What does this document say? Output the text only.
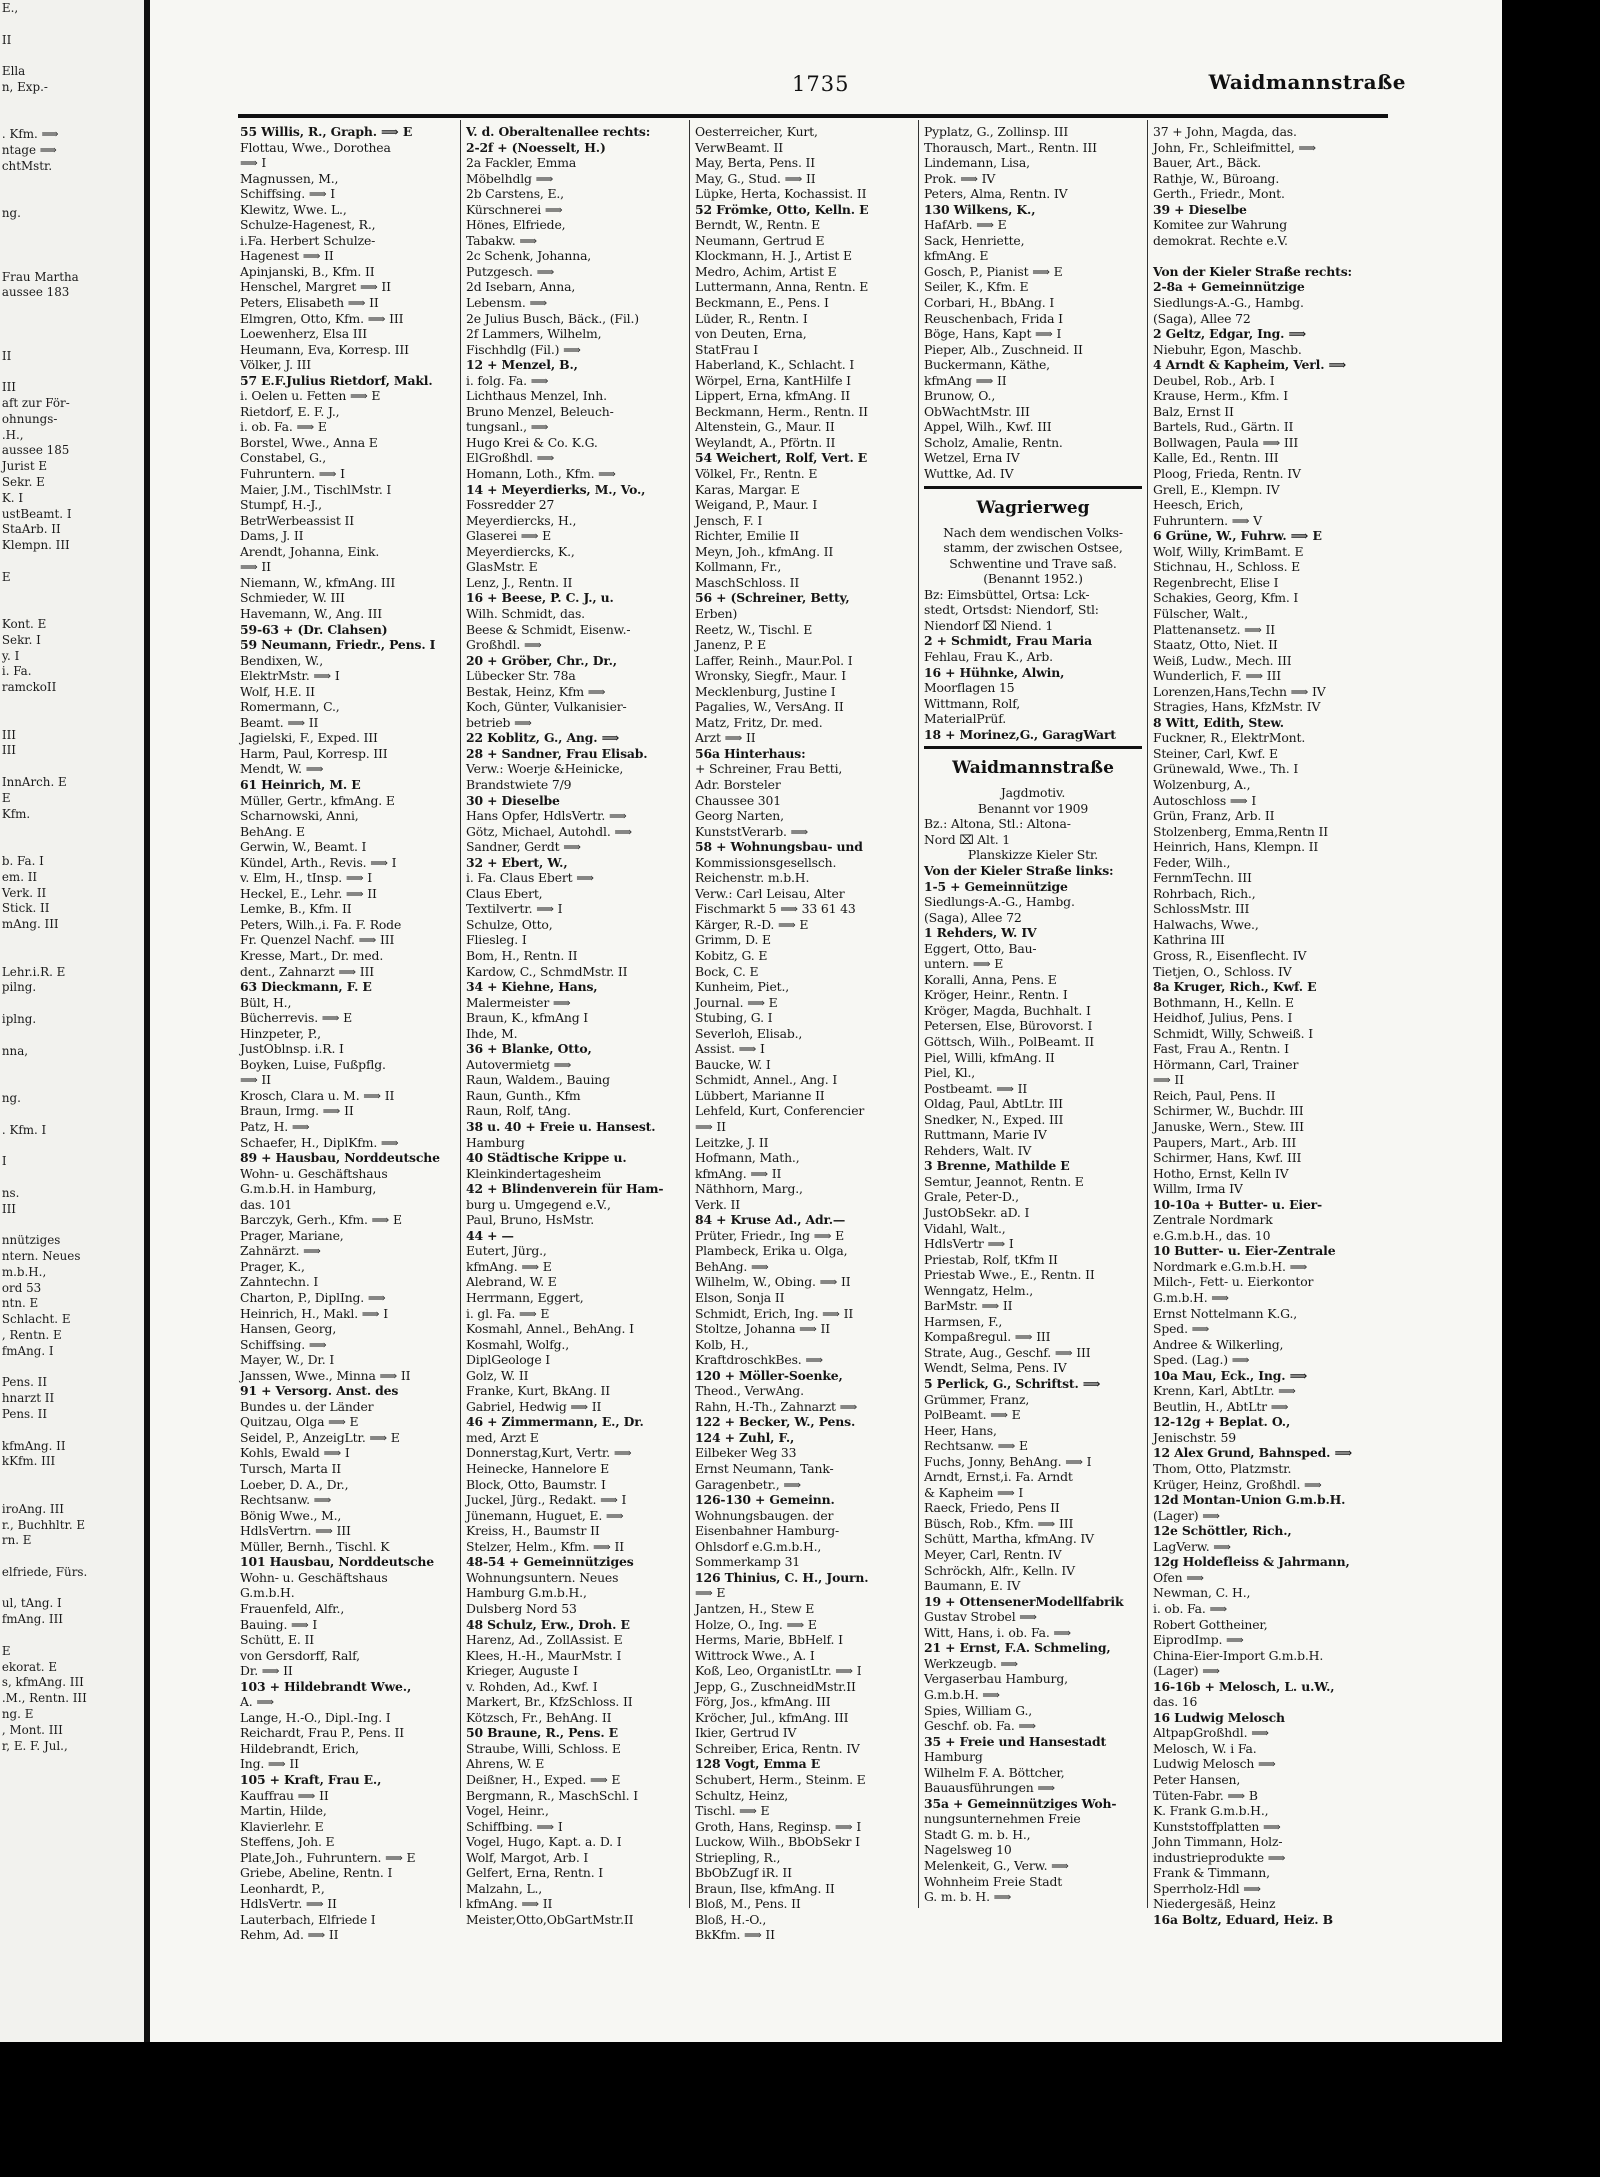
E.,

II

Ella
n, Exp.-

. Kfm. ⟹
ntage ⟹
chtMstr.

ng.

Frau Martha
aussee 183

II

III
aft zur För-
ohnungs-
.H.,
aussee 185
Jurist E
Sekr. E
K. I
ustBeamt. I
StaArb. II
Klempn. III

E

Kont. E
Sekr. I
y. I
i. Fa.
ramckoII

III
III

InnArch. E
E
Kfm.

b. Fa. I
em. II
Verk. II
Stick. II
mAng. III

Lehr.i.R. E
pilng.

iplng.

nna,

ng.

. Kfm. I

I

ns.
III

nnütziges
ntern. Neues
m.b.H.,
ord 53
ntn. E
Schlacht. E
, Rentn. E
fmAng. I

Pens. II
hnarzt II
Pens. II

kfmAng. II
kKfm. III

iroAng. III
r., Buchhltr. E
rn. E

elfriede, Fürs.

ul, tAng. I
fmAng. III

E
ekorat. E
s, kfmAng. III
.M., Rentn. III
ng. E
, Mont. III
r, E. F. Jul.,
1735	Waidmannstraße
55 Willis, R., Graph. ⟹ E
Flottau, Wwe., Dorothea
⟹ I
Magnussen, M.,
Schiffsing. ⟹ I
Klewitz, Wwe. L.,
Schulze-Hagenest, R.,
i.Fa. Herbert Schulze-
Hagenest ⟹ II
Apinjanski, B., Kfm. II
Henschel, Margret ⟹ II
Peters, Elisabeth ⟹ II
Elmgren, Otto, Kfm. ⟹ III
Loewenherz, Elsa III
Heumann, Eva, Korresp. III
Völker, J. III
57 E.F.Julius Rietdorf, Makl.
i. Oelen u. Fetten ⟹ E
Rietdorf, E. F. J.,
i. ob. Fa. ⟹ E
Borstel, Wwe., Anna E
Constabel, G.,
Fuhruntern. ⟹ I
Maier, J.M., TischlMstr. I
Stumpf, H.-J.,
BetrWerbeassist II
Dams, J. II
Arendt, Johanna, Eink.
⟹ II
Niemann, W., kfmAng. III
Schmieder, W. III
Havemann, W., Ang. III
59-63 + (Dr. Clahsen)
59 Neumann, Friedr., Pens. I
Bendixen, W.,
ElektrMstr. ⟹ I
Wolf, H.E. II
Romermann, C.,
Beamt. ⟹ II
Jagielski, F., Exped. III
Harm, Paul, Korresp. III
Mendt, W. ⟹
61 Heinrich, M. E
Müller, Gertr., kfmAng. E
Scharnowski, Anni,
BehAng. E
Gerwin, W., Beamt. I
Kündel, Arth., Revis. ⟹ I
v. Elm, H., tInsp. ⟹ I
Heckel, E., Lehr. ⟹ II
Lemke, B., Kfm. II
Peters, Wilh.,i. Fa. F. Rode
Fr. Quenzel Nachf. ⟹ III
Kresse, Mart., Dr. med.
dent., Zahnarzt ⟹ III
63 Dieckmann, F. E
Bült, H.,
Bücherrevis. ⟹ E
Hinzpeter, P.,
JustOblnsp. i.R. I
Boyken, Luise, Fußpflg.
⟹ II
Krosch, Clara u. M. ⟹ II
Braun, Irmg. ⟹ II
Patz, H. ⟹
Schaefer, H., DiplKfm. ⟹
89 + Hausbau, Norddeutsche
Wohn- u. Geschäftshaus
G.m.b.H. in Hamburg,
das. 101
Barczyk, Gerh., Kfm. ⟹ E
Prager, Mariane,
Zahnärzt. ⟹
Prager, K.,
Zahntechn. I
Charton, P., DiplIng. ⟹
Heinrich, H., Makl. ⟹ I
Hansen, Georg,
Schiffsing. ⟹
Mayer, W., Dr. I
Janssen, Wwe., Minna ⟹ II
91 + Versorg. Anst. des
Bundes u. der Länder
Quitzau, Olga ⟹ E
Seidel, P., AnzeigLtr. ⟹ E
Kohls, Ewald ⟹ I
Tursch, Marta II
Loeber, D. A., Dr.,
Rechtsanw. ⟹
Bönig Wwe., M.,
HdlsVertrn. ⟹ III
Müller, Bernh., Tischl. K
101 Hausbau, Norddeutsche
Wohn- u. Geschäftshaus
G.m.b.H.
Frauenfeld, Alfr.,
Bauing. ⟹ I
Schütt, E. II
von Gersdorff, Ralf,
Dr. ⟹ II
103 + Hildebrandt Wwe.,
A. ⟹
Lange, H.-O., Dipl.-Ing. I
Reichardt, Frau P., Pens. II
Hildebrandt, Erich,
Ing. ⟹ II
105 + Kraft, Frau E.,
Kauffrau ⟹ II
Martin, Hilde,
Klavierlehr. E
Steffens, Joh. E
Plate,Joh., Fuhruntern. ⟹ E
Griebe, Abeline, Rentn. I
Leonhardt, P.,
HdlsVertr. ⟹ II
Lauterbach, Elfriede I
Rehm, Ad. ⟹ II
V. d. Oberaltenallee rechts:
2-2f + (Noesselt, H.)
2a Fackler, Emma
Möbelhdlg ⟹
2b Carstens, E.,
Kürschnerei ⟹
Hönes, Elfriede,
Tabakw. ⟹
2c Schenk, Johanna,
Putzgesch. ⟹
2d Isebarn, Anna,
Lebensm. ⟹
2e Julius Busch, Bäck., (Fil.)
2f Lammers, Wilhelm,
Fischhdlg (Fil.) ⟹
12 + Menzel, B.,
i. folg. Fa. ⟹
Lichthaus Menzel, Inh.
Bruno Menzel, Beleuch-
tungsanl., ⟹
Hugo Krei & Co. K.G.
ElGroßhdl. ⟹
Homann, Loth., Kfm. ⟹
14 + Meyerdierks, M., Vo.,
Fossredder 27
Meyerdiercks, H.,
Glaserei ⟹ E
Meyerdiercks, K.,
GlasMstr. E
Lenz, J., Rentn. II
16 + Beese, P. C. J., u.
Wilh. Schmidt, das.
Beese & Schmidt, Eisenw.-
Großhdl. ⟹
20 + Gröber, Chr., Dr.,
Lübecker Str. 78a
Bestak, Heinz, Kfm ⟹
Koch, Günter, Vulkanisier-
betrieb ⟹
22 Koblitz, G., Ang. ⟹
28 + Sandner, Frau Elisab.
Verw.: Woerje &Heinicke,
Brandstwiete 7/9
30 + Dieselbe
Hans Opfer, HdlsVertr. ⟹
Götz, Michael, Autohdl. ⟹
Sandner, Gerdt ⟹
32 + Ebert, W.,
i. Fa. Claus Ebert ⟹
Claus Ebert,
Textilvertr. ⟹ I
Schulze, Otto,
Fliesleg. I
Bom, H., Rentn. II
Kardow, C., SchmdMstr. II
34 + Kiehne, Hans,
Malermeister ⟹
Braun, K., kfmAng I
Ihde, M.
36 + Blanke, Otto,
Autovermietg ⟹
Raun, Waldem., Bauing
Raun, Gunth., Kfm
Raun, Rolf, tAng.
38 u. 40 + Freie u. Hansest.
Hamburg
40 Städtische Krippe u.
Kleinkindertagesheim
42 + Blindenverein für Ham-
burg u. Umgegend e.V.,
Paul, Bruno, HsMstr.
44 + —
Eutert, Jürg.,
kfmAng. ⟹ E
Alebrand, W. E
Herrmann, Eggert,
i. gl. Fa. ⟹ E
Kosmahl, Annel., BehAng. I
Kosmahl, Wolfg.,
DiplGeologe I
Golz, W. II
Franke, Kurt, BkAng. II
Gabriel, Hedwig ⟹ II
46 + Zimmermann, E., Dr.
med, Arzt E
Donnerstag,Kurt, Vertr. ⟹
Heinecke, Hannelore E
Block, Otto, Baumstr. I
Juckel, Jürg., Redakt. ⟹ I
Jünemann, Huguet, E. ⟹
Kreiss, H., Baumstr II
Stelzer, Helm., Kfm. ⟹ II
48-54 + Gemeinnütziges
Wohnungsuntern. Neues
Hamburg G.m.b.H.,
Dulsberg Nord 53
48 Schulz, Erw., Droh. E
Harenz, Ad., ZollAssist. E
Klees, H.-H., MaurMstr. I
Krieger, Auguste I
v. Rohden, Ad., Kwf. I
Markert, Br., KfzSchloss. II
Kötzsch, Fr., BehAng. II
50 Braune, R., Pens. E
Straube, Willi, Schloss. E
Ahrens, W. E
Deißner, H., Exped. ⟹ E
Bergmann, R., MaschSchl. I
Vogel, Heinr.,
Schiffbing. ⟹ I
Vogel, Hugo, Kapt. a. D. I
Wolf, Margot, Arb. I
Gelfert, Erna, Rentn. I
Malzahn, L.,
kfmAng. ⟹ II
Meister,Otto,ObGartMstr.II
Oesterreicher, Kurt,
VerwBeamt. II
May, Berta, Pens. II
May, G., Stud. ⟹ II
Lüpke, Herta, Kochassist. II
52 Frömke, Otto, Kelln. E
Berndt, W., Rentn. E
Neumann, Gertrud E
Klockmann, H. J., Artist E
Medro, Achim, Artist E
Luttermann, Anna, Rentn. E
Beckmann, E., Pens. I
Lüder, R., Rentn. I
von Deuten, Erna,
StatFrau I
Haberland, K., Schlacht. I
Wörpel, Erna, KantHilfe I
Lippert, Erna, kfmAng. II
Beckmann, Herm., Rentn. II
Altenstein, G., Maur. II
Weylandt, A., Pförtn. II
54 Weichert, Rolf, Vert. E
Völkel, Fr., Rentn. E
Karas, Margar. E
Weigand, P., Maur. I
Jensch, F. I
Richter, Emilie II
Meyn, Joh., kfmAng. II
Kollmann, Fr.,
MaschSchloss. II
56 + (Schreiner, Betty,
Erben)
Reetz, W., Tischl. E
Janenz, P. E
Laffer, Reinh., Maur.Pol. I
Wronsky, Siegfr., Maur. I
Mecklenburg, Justine I
Pagalies, W., VersAng. II
Matz, Fritz, Dr. med.
Arzt ⟹ II
56a Hinterhaus:
+ Schreiner, Frau Betti,
Adr. Borsteler
Chaussee 301
Georg Narten,
KunststVerarb. ⟹
58 + Wohnungsbau- und
Kommissionsgesellsch.
Reichenstr. m.b.H.
Verw.: Carl Leisau, Alter
Fischmarkt 5 ⟹ 33 61 43
Kärger, R.-D. ⟹ E
Grimm, D. E
Kobitz, G. E
Bock, C. E
Kunheim, Piet.,
Journal. ⟹ E
Stubing, G. I
Severloh, Elisab.,
Assist. ⟹ I
Baucke, W. I
Schmidt, Annel., Ang. I
Lübbert, Marianne II
Lehfeld, Kurt, Conferencier
⟹ II
Leitzke, J. II
Hofmann, Math.,
kfmAng. ⟹ II
Näthhorn, Marg.,
Verk. II
84 + Kruse Ad., Adr.—
Prüter, Friedr., Ing ⟹ E
Plambeck, Erika u. Olga,
BehAng. ⟹
Wilhelm, W., Obing. ⟹ II
Elson, Sonja II
Schmidt, Erich, Ing. ⟹ II
Stoltze, Johanna ⟹ II
Kolb, H.,
KraftdroschkBes. ⟹
120 + Möller-Soenke,
Theod., VerwAng.
Rahn, H.-Th., Zahnarzt ⟹
122 + Becker, W., Pens.
124 + Zuhl, F.,
Eilbeker Weg 33
Ernst Neumann, Tank-
Garagenbetr., ⟹
126-130 + Gemeinn.
Wohnungsbaugen. der
Eisenbahner Hamburg-
Ohlsdorf e.G.m.b.H.,
Sommerkamp 31
126 Thinius, C. H., Journ.
⟹ E
Jantzen, H., Stew E
Holze, O., Ing. ⟹ E
Herms, Marie, BbHelf. I
Wittrock Wwe., A. I
Koß, Leo, OrganistLtr. ⟹ I
Jepp, G., ZuschneidMstr.II
Förg, Jos., kfmAng. III
Kröcher, Jul., kfmAng. III
Ikier, Gertrud IV
Schreiber, Erica, Rentn. IV
128 Vogt, Emma E
Schubert, Herm., Steinm. E
Schultz, Heinz,
Tischl. ⟹ E
Groth, Hans, Reginsp. ⟹ I
Luckow, Wilh., BbObSekr I
Striepling, R.,
BbObZugf iR. II
Braun, Ilse, kfmAng. II
Bloß, M., Pens. II
Bloß, H.-O.,
BkKfm. ⟹ II
Pyplatz, G., Zollinsp. III
Thorausch, Mart., Rentn. III
Lindemann, Lisa,
Prok. ⟹ IV
Peters, Alma, Rentn. IV
130 Wilkens, K.,
HafArb. ⟹ E
Sack, Henriette,
kfmAng. E
Gosch, P., Pianist ⟹ E
Seiler, K., Kfm. E
Corbari, H., BbAng. I
Reuschenbach, Frida I
Böge, Hans, Kapt ⟹ I
Pieper, Alb., Zuschneid. II
Buckermann, Käthe,
kfmAng ⟹ II
Brunow, O.,
ObWachtMstr. III
Appel, Wilh., Kwf. III
Scholz, Amalie, Rentn.
Wetzel, Erna IV
Wuttke, Ad. IV
Wagrierweg
Nach dem wendischen Volks-
stamm, der zwischen Ostsee,
Schwentine und Trave saß.
(Benannt 1952.)
Bz: Eimsbüttel, Ortsa: Lck-
stedt, Ortsdst: Niendorf, Stl:
Niendorf ⌧ Niend. 1
2 + Schmidt, Frau Maria
Fehlau, Frau K., Arb.
16 + Hühnke, Alwin,
Moorflagen 15
Wittmann, Rolf,
MaterialPrüf.
18 + Morinez,G., GaragWart
Waidmannstraße
Jagdmotiv.
Benannt vor 1909
Bz.: Altona, Stl.: Altona-
Nord ⌧ Alt. 1
Planskizze Kieler Str.
Von der Kieler Straße links:
1-5 + Gemeinnützige
Siedlungs-A.-G., Hambg.
(Saga), Allee 72
1 Rehders, W. IV
Eggert, Otto, Bau-
untern. ⟹ E
Koralli, Anna, Pens. E
Kröger, Heinr., Rentn. I
Kröger, Magda, Buchhalt. I
Petersen, Else, Bürovorst. I
Göttsch, Wilh., PolBeamt. II
Piel, Willi, kfmAng. II
Piel, Kl.,
Postbeamt. ⟹ II
Oldag, Paul, AbtLtr. III
Snedker, N., Exped. III
Ruttmann, Marie IV
Rehders, Walt. IV
3 Brenne, Mathilde E
Semtur, Jeannot, Rentn. E
Grale, Peter-D.,
JustObSekr. aD. I
Vidahl, Walt.,
HdlsVertr ⟹ I
Priestab, Rolf, tKfm II
Priestab Wwe., E., Rentn. II
Wenngatz, Helm.,
BarMstr. ⟹ II
Harmsen, F.,
Kompaßregul. ⟹ III
Strate, Aug., Geschf. ⟹ III
Wendt, Selma, Pens. IV
5 Perlick, G., Schriftst. ⟹
Grümmer, Franz,
PolBeamt. ⟹ E
Heer, Hans,
Rechtsanw. ⟹ E
Fuchs, Jonny, BehAng. ⟹ I
Arndt, Ernst,i. Fa. Arndt
& Kapheim ⟹ I
Raeck, Friedo, Pens II
Büsch, Rob., Kfm. ⟹ III
Schütt, Martha, kfmAng. IV
Meyer, Carl, Rentn. IV
Schröckh, Alfr., Kelln. IV
Baumann, E. IV
19 + OttensenerModellfabrik
Gustav Strobel ⟹
Witt, Hans, i. ob. Fa. ⟹
21 + Ernst, F.A. Schmeling,
Werkzeugb. ⟹
Vergaserbau Hamburg,
G.m.b.H. ⟹
Spies, William G.,
Geschf. ob. Fa. ⟹
35 + Freie und Hansestadt
Hamburg
Wilhelm F. A. Böttcher,
Bauausführungen ⟹
35a + Gemeinnütziges Woh-
nungsunternehmen Freie
Stadt G. m. b. H.,
Nagelsweg 10
Melenkeit, G., Verw. ⟹
Wohnheim Freie Stadt
G. m. b. H. ⟹
37 + John, Magda, das.
John, Fr., Schleifmittel, ⟹
Bauer, Art., Bäck.
Rathje, W., Büroang.
Gerth., Friedr., Mont.
39 + Dieselbe
Komitee zur Wahrung
demokrat. Rechte e.V.

Von der Kieler Straße rechts:
2-8a + Gemeinnützige
Siedlungs-A.-G., Hambg.
(Saga), Allee 72
2 Geltz, Edgar, Ing. ⟹
Niebuhr, Egon, Maschb.
4 Arndt & Kapheim, Verl. ⟹
Deubel, Rob., Arb. I
Krause, Herm., Kfm. I
Balz, Ernst II
Bartels, Rud., Gärtn. II
Bollwagen, Paula ⟹ III
Kalle, Ed., Rentn. III
Ploog, Frieda, Rentn. IV
Grell, E., Klempn. IV
Heesch, Erich,
Fuhruntern. ⟹ V
6 Grüne, W., Fuhrw. ⟹ E
Wolf, Willy, KrimBamt. E
Stichnau, H., Schloss. E
Regenbrecht, Elise I
Schakies, Georg, Kfm. I
Fülscher, Walt.,
Plattenansetz. ⟹ II
Staatz, Otto, Niet. II
Weiß, Ludw., Mech. III
Wunderlich, F. ⟹ III
Lorenzen,Hans,Techn ⟹ IV
Stragies, Hans, KfzMstr. IV
8 Witt, Edith, Stew.
Fuckner, R., ElektrMont.
Steiner, Carl, Kwf. E
Grünewald, Wwe., Th. I
Wolzenburg, A.,
Autoschloss ⟹ I
Grün, Franz, Arb. II
Stolzenberg, Emma,Rentn II
Heinrich, Hans, Klempn. II
Feder, Wilh.,
FernmTechn. III
Rohrbach, Rich.,
SchlossMstr. III
Halwachs, Wwe.,
Kathrina III
Gross, R., Eisenflecht. IV
Tietjen, O., Schloss. IV
8a Kruger, Rich., Kwf. E
Bothmann, H., Kelln. E
Heidhof, Julius, Pens. I
Schmidt, Willy, Schweiß. I
Fast, Frau A., Rentn. I
Hörmann, Carl, Trainer
⟹ II
Reich, Paul, Pens. II
Schirmer, W., Buchdr. III
Januske, Wern., Stew. III
Paupers, Mart., Arb. III
Schirmer, Hans, Kwf. III
Hotho, Ernst, Kelln IV
Willm, Irma IV
10-10a + Butter- u. Eier-
Zentrale Nordmark
e.G.m.b.H., das. 10
10 Butter- u. Eier-Zentrale
Nordmark e.G.m.b.H. ⟹
Milch-, Fett- u. Eierkontor
G.m.b.H. ⟹
Ernst Nottelmann K.G.,
Sped. ⟹
Andree & Wilkerling,
Sped. (Lag.) ⟹
10a Mau, Eck., Ing. ⟹
Krenn, Karl, AbtLtr. ⟹
Beutlin, H., AbtLtr ⟹
12-12g + Beplat. O.,
Jenischstr. 59
12 Alex Grund, Bahnsped. ⟹
Thom, Otto, Platzmstr.
Krüger, Heinz, Großhdl. ⟹
12d Montan-Union G.m.b.H.
(Lager) ⟹
12e Schöttler, Rich.,
LagVerw. ⟹
12g Holdefleiss & Jahrmann,
Ofen ⟹
Newman, C. H.,
i. ob. Fa. ⟹
Robert Gottheiner,
EiprodImp. ⟹
China-Eier-Import G.m.b.H.
(Lager) ⟹
16-16b + Melosch, L. u.W.,
das. 16
16 Ludwig Melosch
AltpapGroßhdl. ⟹
Melosch, W. i Fa.
Ludwig Melosch ⟹
Peter Hansen,
Tüten-Fabr. ⟹ B
K. Frank G.m.b.H.,
Kunststoffplatten ⟹
John Timmann, Holz-
industrieprodukte ⟹
Frank & Timmann,
Sperrholz-Hdl ⟹
Niedergesäß, Heinz
16a Boltz, Eduard, Heiz. B
